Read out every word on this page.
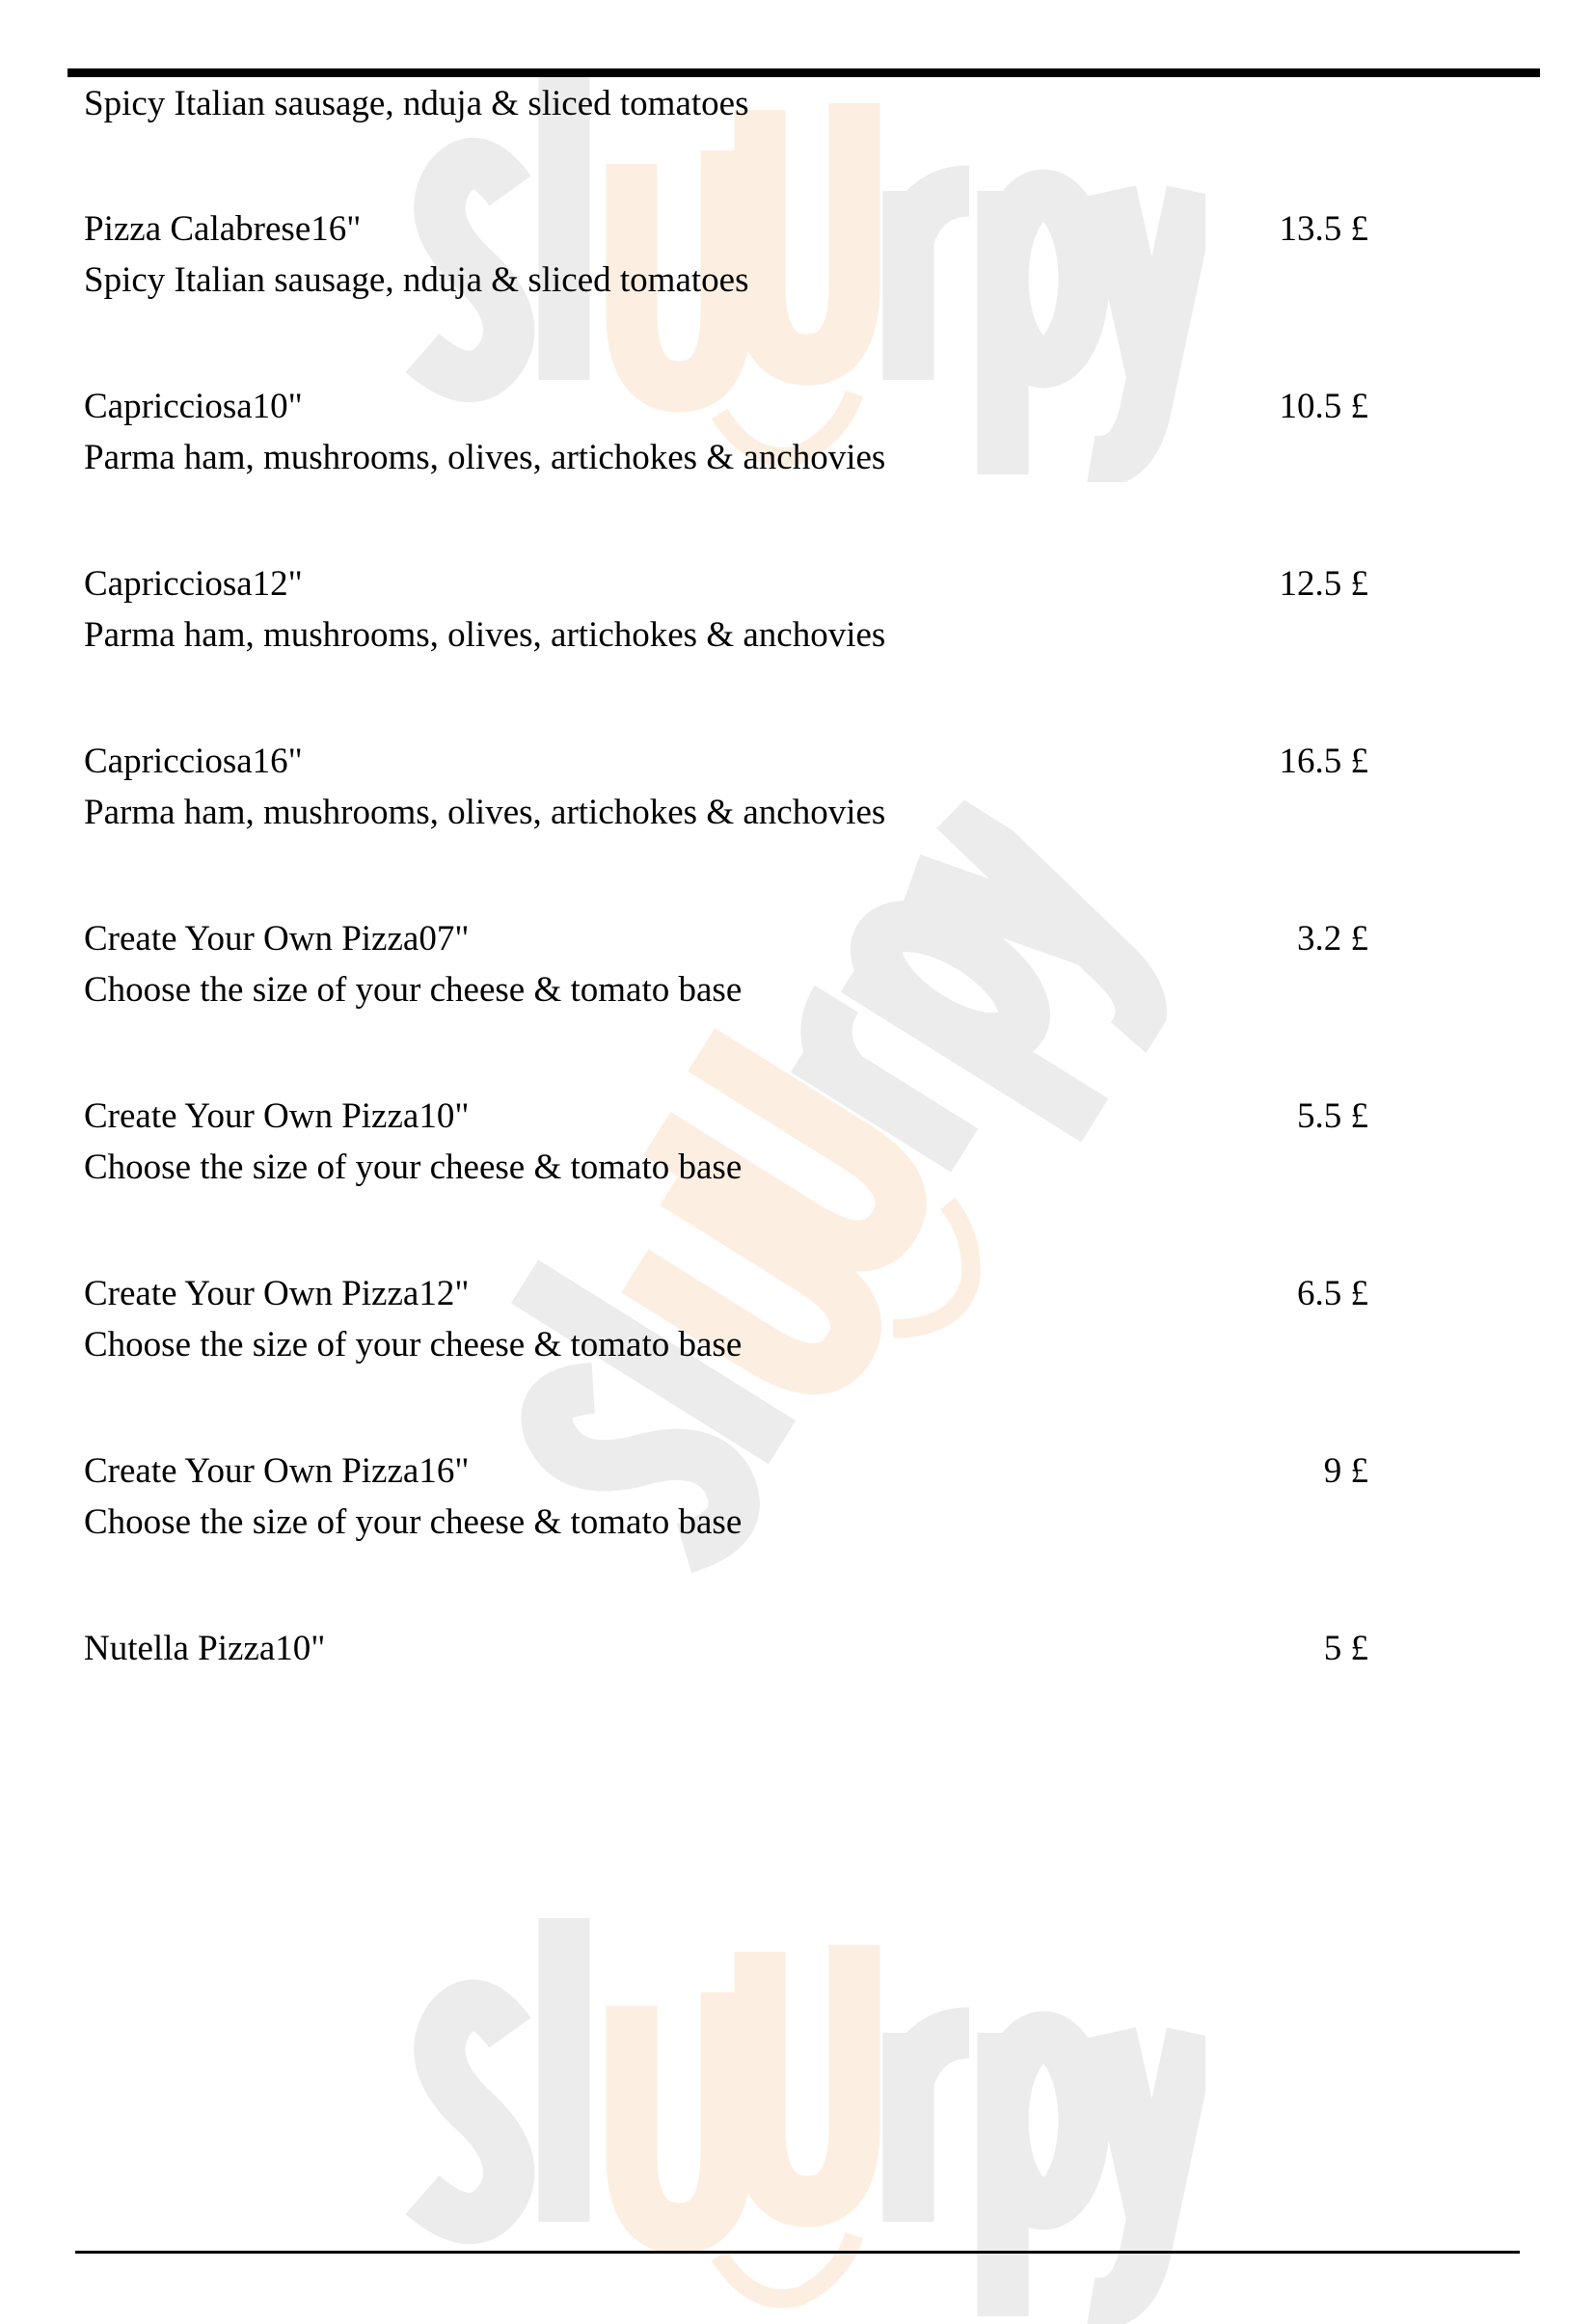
Spicy Italian sausage, nduja & sliced tomatoes
Pizza Calabrese16"	13.5 £
Spicy Italian sausage, nduja & sliced tomatoes
Capricciosa10"	10.5 £
Parma ham, mushrooms, olives, artichokes & anchovies
Capricciosa12"	12.5 £
Parma ham, mushrooms, olives, artichokes & anchovies
Capricciosa16"	16.5 £
Parma ham, mushrooms, olives, artichokes & anchovies
Create Your Own Pizza07"	3.2 £
Choose the size of your cheese & tomato base
Create Your Own Pizza10"	5.5 £
Choose the size of your cheese & tomato base
Create Your Own Pizza12"	6.5 £
Choose the size of your cheese & tomato base
Create Your Own Pizza16"	9 £
Choose the size of your cheese & tomato base
Nutella Pizza10"	5 £
